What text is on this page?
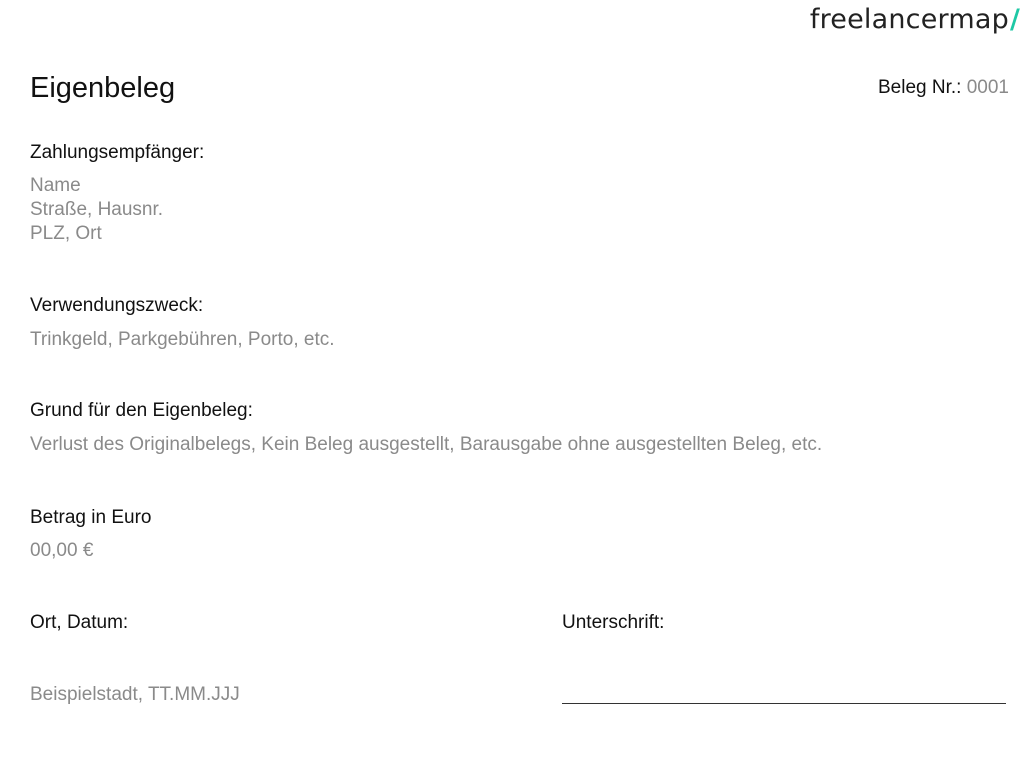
freelancermap/
Eigenbeleg	Beleg Nr.: 0001
Zahlungsempfänger:
Name
Straße, Hausnr.
PLZ, Ort
Verwendungszweck:
Trinkgeld, Parkgebühren, Porto, etc.
Grund für den Eigenbeleg:
Verlust des Originalbelegs, Kein Beleg ausgestellt, Barausgabe ohne ausgestellten Beleg, etc.
Betrag in Euro
00,00 €
Ort, Datum:
Beispielstadt, TT.MM.JJJ
Unterschrift:
